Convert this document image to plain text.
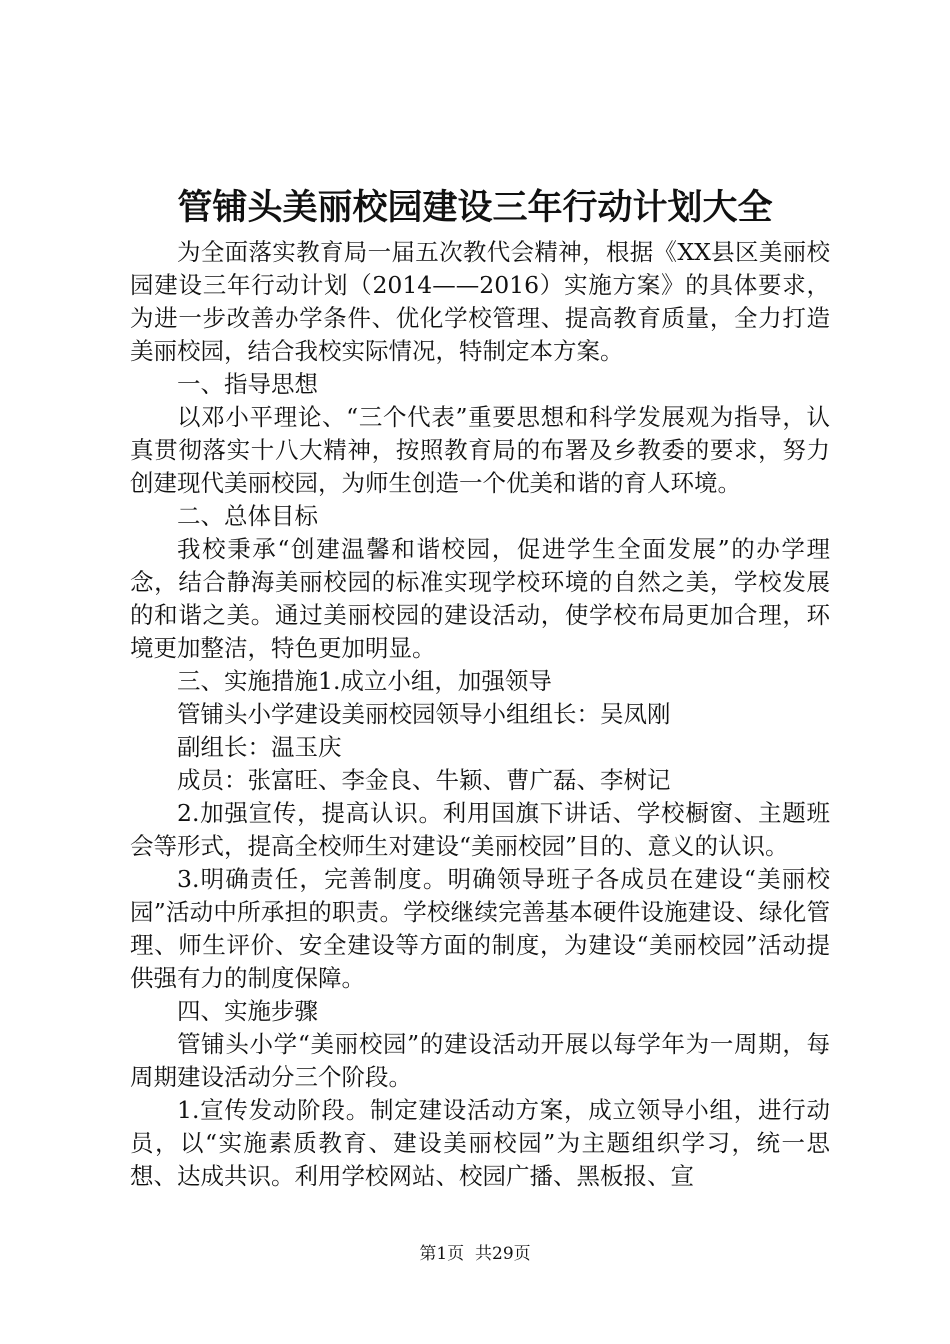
管铺头美丽校园建设三年行动计划大全

为全面落实教育局一届五次教代会精神，根据《XX县区美丽校园建设三年行动计划（2014——2016）实施方案》的具体要求，为进一步改善办学条件、优化学校管理、提高教育质量，全力打造美丽校园，结合我校实际情况，特制定本方案。

一、指导思想

以邓小平理论、“三个代表”重要思想和科学发展观为指导，认真贯彻落实十八大精神，按照教育局的布署及乡教委的要求，努力创建现代美丽校园，为师生创造一个优美和谐的育人环境。

二、总体目标

我校秉承“创建温馨和谐校园，促进学生全面发展”的办学理念，结合静海美丽校园的标准实现学校环境的自然之美，学校发展的和谐之美。通过美丽校园的建设活动，使学校布局更加合理，环境更加整洁，特色更加明显。

三、实施措施1.成立小组，加强领导

管铺头小学建设美丽校园领导小组组长：吴凤刚

副组长：温玉庆

成员：张富旺、李金良、牛颖、曹广磊、李树记

2.加强宣传，提高认识。利用国旗下讲话、学校橱窗、主题班会等形式，提高全校师生对建设“美丽校园”目的、意义的认识。

3.明确责任，完善制度。明确领导班子各成员在建设“美丽校园”活动中所承担的职责。学校继续完善基本硬件设施建设、绿化管理、师生评价、安全建设等方面的制度，为建设“美丽校园”活动提供强有力的制度保障。

四、实施步骤

管铺头小学“美丽校园”的建设活动开展以每学年为一周期，每周期建设活动分三个阶段。

1.宣传发动阶段。制定建设活动方案，成立领导小组，进行动员，以“实施素质教育、建设美丽校园”为主题组织学习，统一思想、达成共识。利用学校网站、校园广播、黑板报、宣

第1页 共29页
